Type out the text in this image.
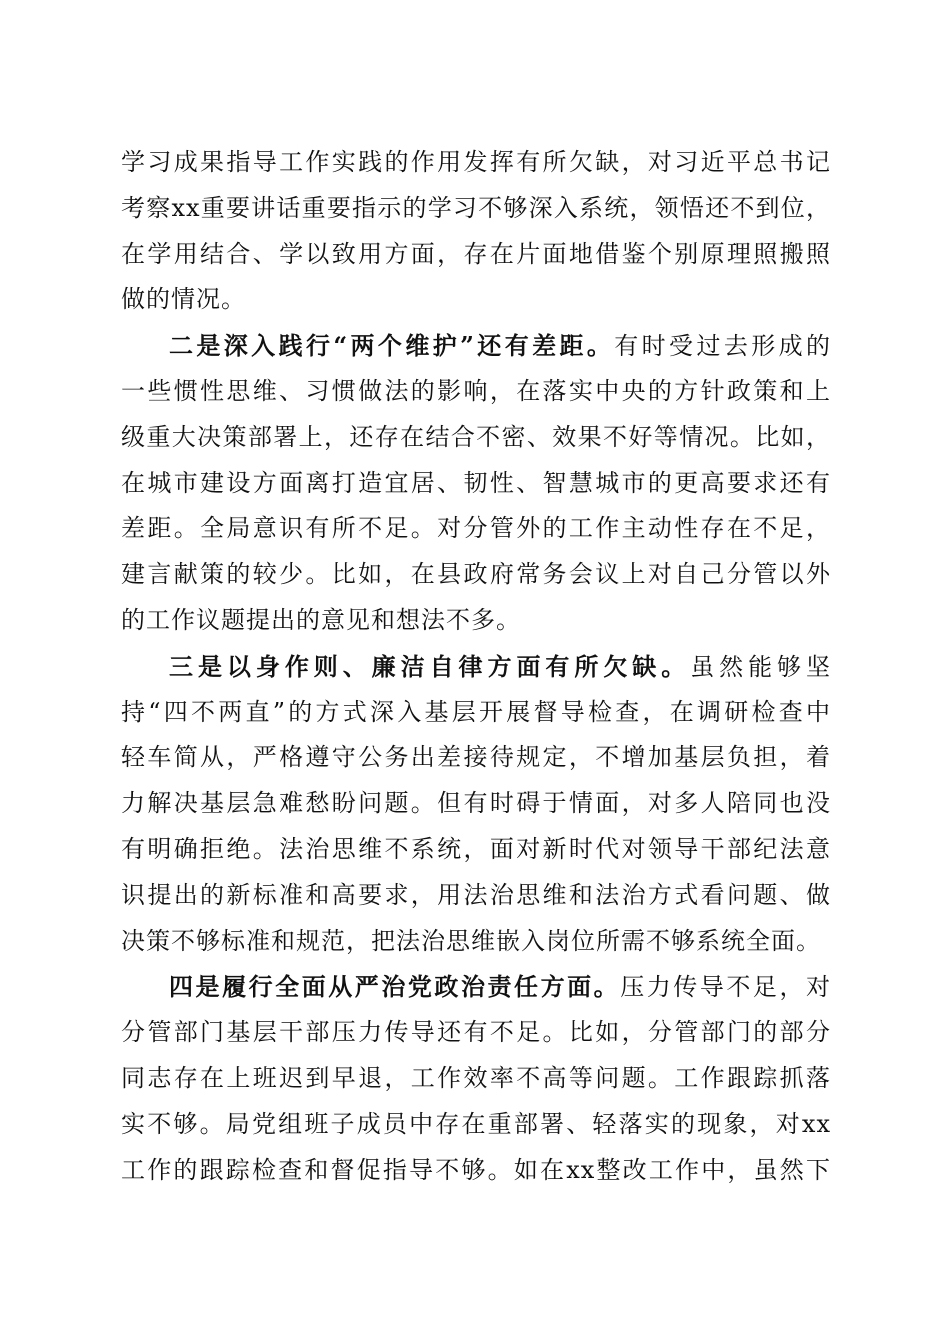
学习成果指导工作实践的作用发挥有所欠缺，对习近平总书记
考察xx重要讲话重要指示的学习不够深入系统，领悟还不到位，
在学用结合、学以致用方面，存在片面地借鉴个别原理照搬照
做的情况。
二是深入践行“两个维护”还有差距。有时受过去形成的
一些惯性思维、习惯做法的影响，在落实中央的方针政策和上
级重大决策部署上，还存在结合不密、效果不好等情况。比如，
在城市建设方面离打造宜居、韧性、智慧城市的更高要求还有
差距。全局意识有所不足。对分管外的工作主动性存在不足，
建言献策的较少。比如，在县政府常务会议上对自己分管以外
的工作议题提出的意见和想法不多。
三是以身作则、廉洁自律方面有所欠缺。虽然能够坚
持“四不两直”的方式深入基层开展督导检查，在调研检查中
轻车简从，严格遵守公务出差接待规定，不增加基层负担，着
力解决基层急难愁盼问题。但有时碍于情面，对多人陪同也没
有明确拒绝。法治思维不系统，面对新时代对领导干部纪法意
识提出的新标准和高要求，用法治思维和法治方式看问题、做
决策不够标准和规范，把法治思维嵌入岗位所需不够系统全面。
四是履行全面从严治党政治责任方面。压力传导不足，对
分管部门基层干部压力传导还有不足。比如，分管部门的部分
同志存在上班迟到早退，工作效率不高等问题。工作跟踪抓落
实不够。局党组班子成员中存在重部署、轻落实的现象，对xx
工作的跟踪检查和督促指导不够。如在xx整改工作中，虽然下
